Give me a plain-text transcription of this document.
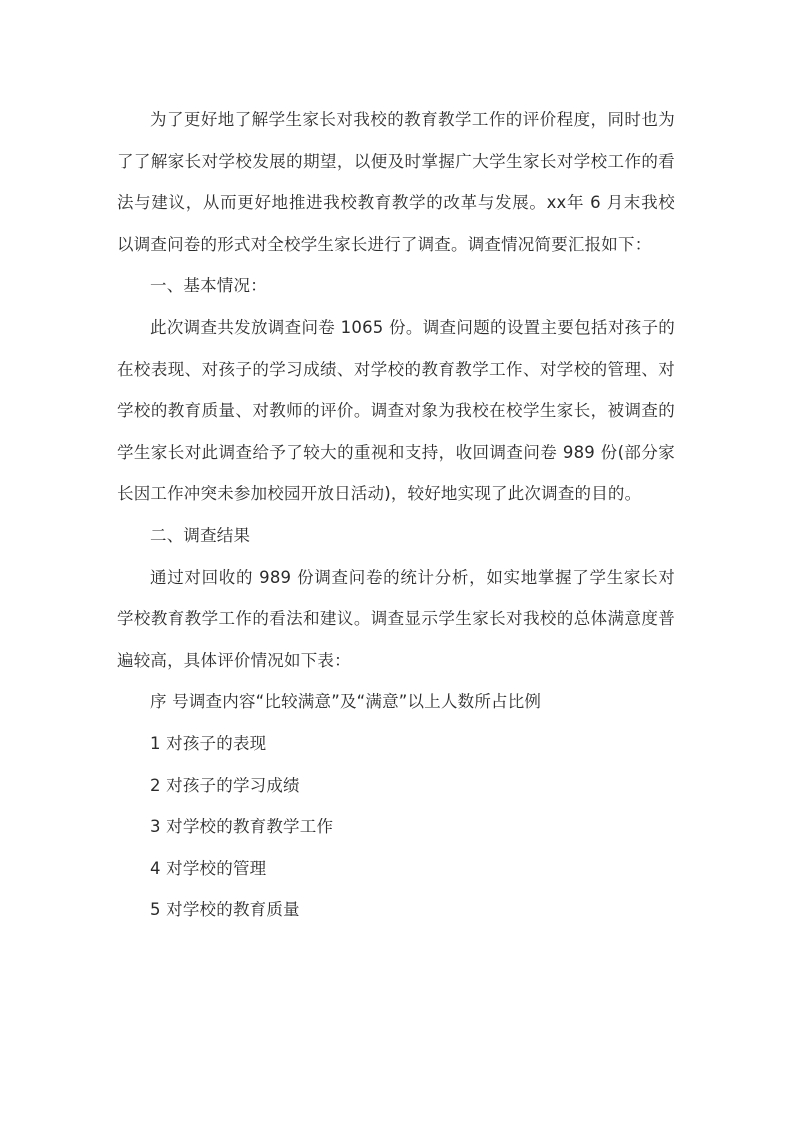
为了更好地了解学生家长对我校的教育教学工作的评价程度，同时也为了了解家长对学校发展的期望，以便及时掌握广大学生家长对学校工作的看法与建议，从而更好地推进我校教育教学的改革与发展。xx年 6 月末我校以调查问卷的形式对全校学生家长进行了调查。调查情况简要汇报如下：

一、基本情况：

此次调查共发放调查问卷 1065 份。调查问题的设置主要包括对孩子的在校表现、对孩子的学习成绩、对学校的教育教学工作、对学校的管理、对学校的教育质量、对教师的评价。调查对象为我校在校学生家长，被调查的学生家长对此调查给予了较大的重视和支持，收回调查问卷 989 份(部分家长因工作冲突未参加校园开放日活动)，较好地实现了此次调查的目的。

二、调查结果

通过对回收的 989 份调查问卷的统计分析，如实地掌握了学生家长对学校教育教学工作的看法和建议。调查显示学生家长对我校的总体满意度普遍较高，具体评价情况如下表：

序 号调查内容“比较满意”及“满意”以上人数所占比例

1 对孩子的表现

2 对孩子的学习成绩

3 对学校的教育教学工作

4 对学校的管理

5 对学校的教育质量
